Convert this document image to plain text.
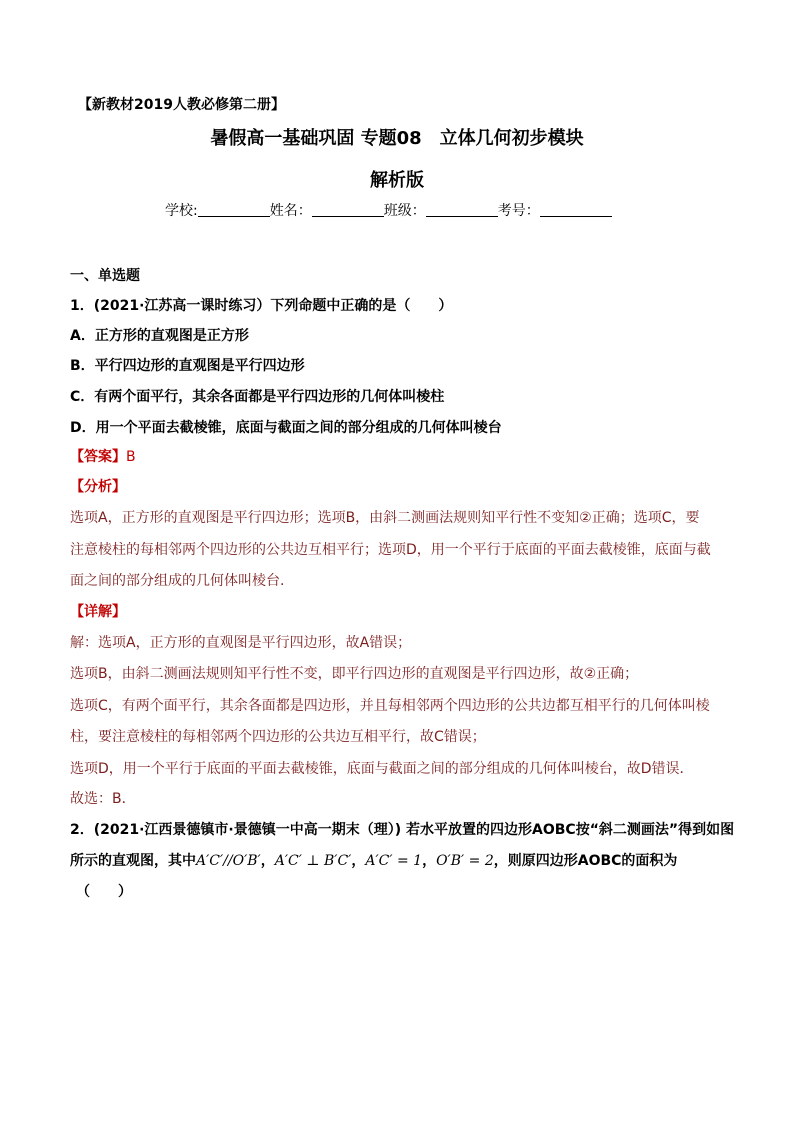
【新教材2019人教必修第二册】
暑假高一基础巩固 专题08　立体几何初步模块
解析版
学校:	姓名：	班级：	考号：
一、单选题
1．(2021·江苏高一课时练习）下列命题中正确的是（　　）
A．正方形的直观图是正方形
B．平行四边形的直观图是平行四边形
C．有两个面平行，其余各面都是平行四边形的几何体叫棱柱
D．用一个平面去截棱锥，底面与截面之间的部分组成的几何体叫棱台
【答案】B
【分析】
选项A，正方形的直观图是平行四边形；选项B，由斜二测画法规则知平行性不变知②正确；选项C，要
注意棱柱的每相邻两个四边形的公共边互相平行；选项D，用一个平行于底面的平面去截棱锥，底面与截
面之间的部分组成的几何体叫棱台.
【详解】
解：选项A，正方形的直观图是平行四边形，故A错误；
选项B，由斜二测画法规则知平行性不变，即平行四边形的直观图是平行四边形，故②正确；
选项C，有两个面平行，其余各面都是四边形，并且每相邻两个四边形的公共边都互相平行的几何体叫棱
柱，要注意棱柱的每相邻两个四边形的公共边互相平行，故C错误；
选项D，用一个平行于底面的平面去截棱锥，底面与截面之间的部分组成的几何体叫棱台，故D错误．
故选：B．
2．(2021·江西景德镇市·景德镇一中高一期末（理）) 若水平放置的四边形AOBC按“斜二测画法”得到如图
所示的直观图，其中A′C′//O′B′，A′C′ ⊥ B′C′，A′C′ = 1，O′B′ = 2，则原四边形AOBC的面积为
（　　）
